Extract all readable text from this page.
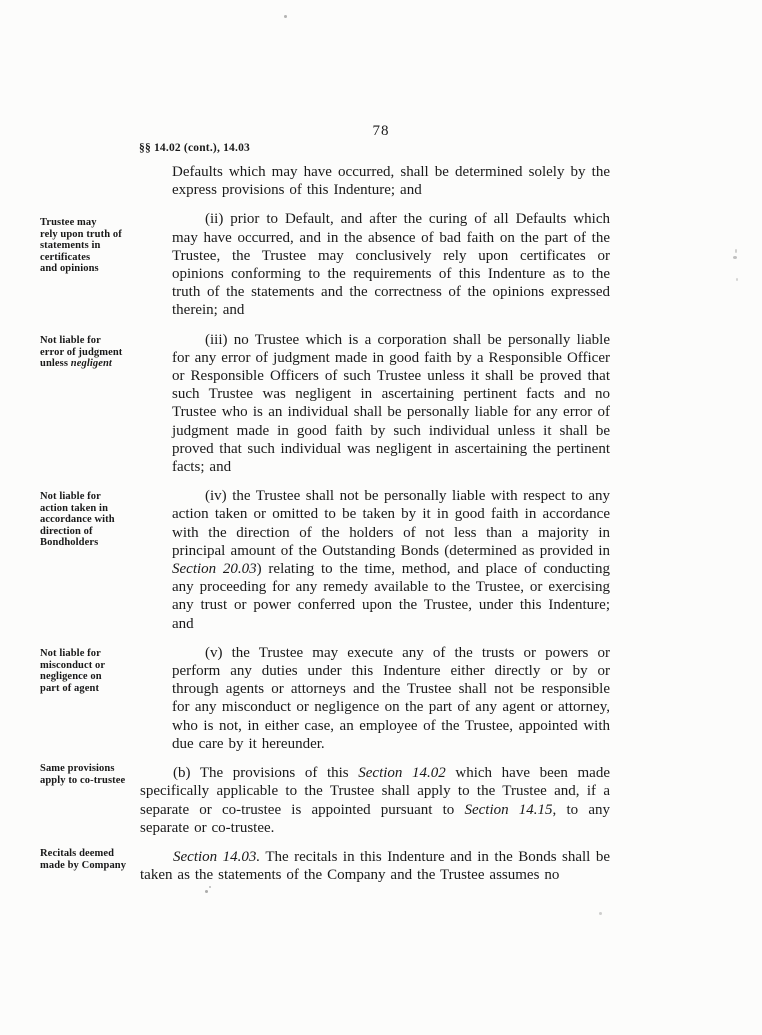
78
§§ 14.02 (cont.), 14.03
Trustee may
rely upon truth of
statements in
certificates
and opinions
Not liable for
error of judgment
unless negligent
Not liable for
action taken in
accordance with
direction of
Bondholders
Not liable for
misconduct or
negligence on
part of agent
Same provisions
apply to co-trustee
Recitals deemed
made by Company

Defaults which may have occurred, shall be determined solely by the express provisions of this Indenture; and

(ii) prior to Default, and after the curing of all Defaults which may have occurred, and in the absence of bad faith on the part of the Trustee, the Trustee may conclusively rely upon certificates or opinions conforming to the requirements of this Indenture as to the truth of the statements and the correctness of the opinions expressed therein; and

(iii) no Trustee which is a corporation shall be personally liable for any error of judgment made in good faith by a Responsible Officer or Responsible Officers of such Trustee unless it shall be proved that such Trustee was negligent in ascertaining pertinent facts and no Trustee who is an individual shall be personally liable for any error of judgment made in good faith by such individual unless it shall be proved that such individual was negligent in ascertaining the pertinent facts; and

(iv) the Trustee shall not be personally liable with respect to any action taken or omitted to be taken by it in good faith in accordance with the direction of the holders of not less than a majority in principal amount of the Outstanding Bonds (determined as provided in Section 20.03) relating to the time, method, and place of conducting any proceeding for any remedy available to the Trustee, or exercising any trust or power conferred upon the Trustee, under this Indenture; and

(v) the Trustee may execute any of the trusts or powers or perform any duties under this Indenture either directly or by or through agents or attorneys and the Trustee shall not be responsible for any misconduct or negligence on the part of any agent or attorney, who is not, in either case, an employee of the Trustee, appointed with due care by it hereunder.

(b) The provisions of this Section 14.02 which have been made specifically applicable to the Trustee shall apply to the Trustee and, if a separate or co-trustee is appointed pursuant to Section 14.15, to any separate or co-trustee.

Section 14.03. The recitals in this Indenture and in the Bonds shall be taken as the statements of the Company and the Trustee assumes no
